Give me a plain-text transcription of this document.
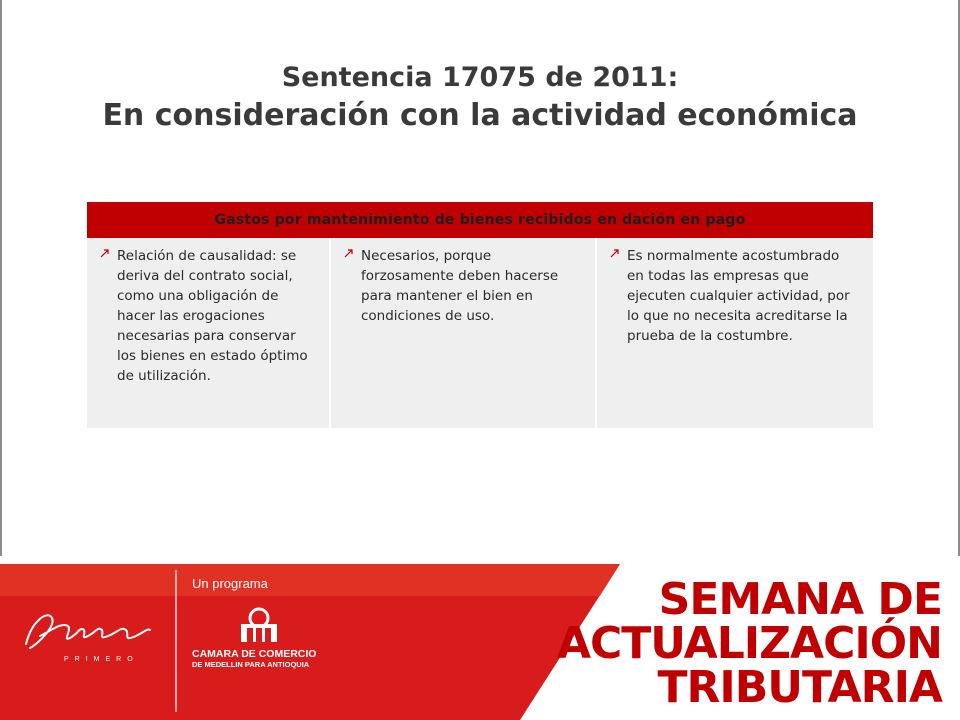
Sentencia 17075 de 2011:
En consideración con la actividad económica
Gastos por mantenimiento de bienes recibidos en dación en pago
Relación de causalidad: se deriva del contrato social, como una obligación de hacer las erogaciones necesarias para conservar los bienes en estado óptimo de utilización.
Necesarios, porque forzosamente deben hacerse para mantener el bien en condiciones de uso.
Es normalmente acostumbrado en todas las empresas que ejecuten cualquier actividad, por lo que no necesita acreditarse la prueba de la costumbre.
PRIMERO
Un programa
CAMARA DE COMERCIO
DE MEDELLIN PARA ANTIOQUIA
SEMANA DE
ACTUALIZACIÓN
TRIBUTARIA
